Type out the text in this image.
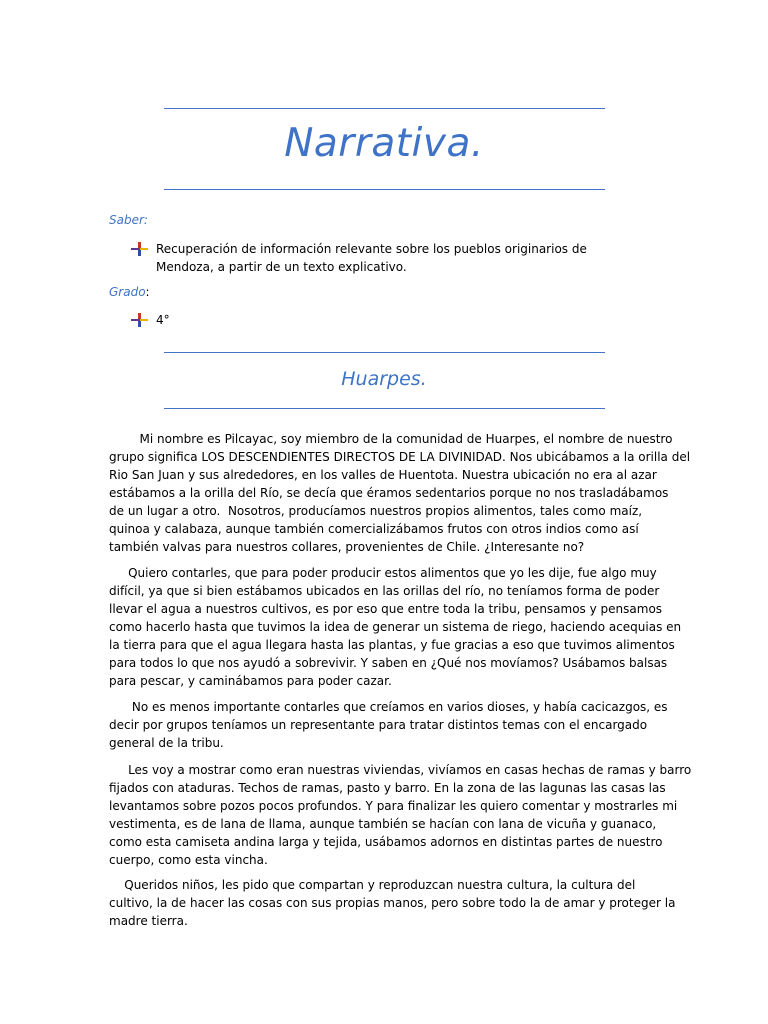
Narrativa.
Saber:
Recuperación de información relevante sobre los pueblos originarios de Mendoza, a partir de un texto explicativo.
Grado:
4°
Huarpes.
Mi nombre es Pilcayac, soy miembro de la comunidad de Huarpes, el nombre de nuestro
grupo significa LOS DESCENDIENTES DIRECTOS DE LA DIVINIDAD. Nos ubicábamos a la orilla del
Rio San Juan y sus alrededores, en los valles de Huentota. Nuestra ubicación no era al azar
estábamos a la orilla del Río, se decía que éramos sedentarios porque no nos trasladábamos
de un lugar a otro.  Nosotros, producíamos nuestros propios alimentos, tales como maíz,
quinoa y calabaza, aunque también comercializábamos frutos con otros indios como así
también valvas para nuestros collares, provenientes de Chile. ¿Interesante no?
Quiero contarles, que para poder producir estos alimentos que yo les dije, fue algo muy
difícil, ya que si bien estábamos ubicados en las orillas del río, no teníamos forma de poder
llevar el agua a nuestros cultivos, es por eso que entre toda la tribu, pensamos y pensamos
como hacerlo hasta que tuvimos la idea de generar un sistema de riego, haciendo acequias en
la tierra para que el agua llegara hasta las plantas, y fue gracias a eso que tuvimos alimentos
para todos lo que nos ayudó a sobrevivir. Y saben en ¿Qué nos movíamos? Usábamos balsas
para pescar, y caminábamos para poder cazar.
No es menos importante contarles que creíamos en varios dioses, y había cacicazgos, es
decir por grupos teníamos un representante para tratar distintos temas con el encargado
general de la tribu.
Les voy a mostrar como eran nuestras viviendas, vivíamos en casas hechas de ramas y barro
fijados con ataduras. Techos de ramas, pasto y barro. En la zona de las lagunas las casas las
levantamos sobre pozos pocos profundos. Y para finalizar les quiero comentar y mostrarles mi
vestimenta, es de lana de llama, aunque también se hacían con lana de vicuña y guanaco,
como esta camiseta andina larga y tejida, usábamos adornos en distintas partes de nuestro
cuerpo, como esta vincha.
Queridos niños, les pido que compartan y reproduzcan nuestra cultura, la cultura del
cultivo, la de hacer las cosas con sus propias manos, pero sobre todo la de amar y proteger la
madre tierra.
